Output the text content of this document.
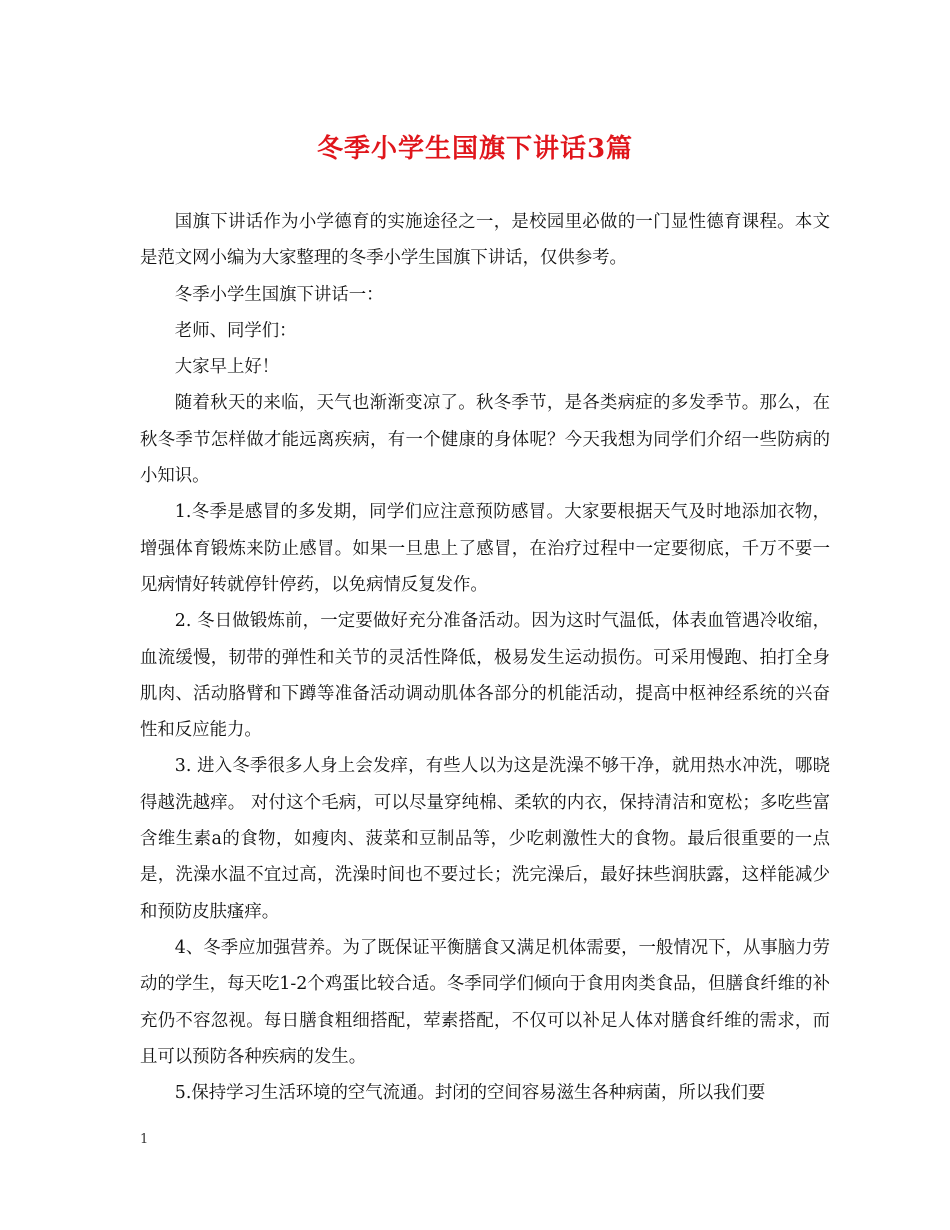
冬季小学生国旗下讲话3篇

国旗下讲话作为小学德育的实施途径之一，是校园里必做的一门显性德育课程。本文是范文网小编为大家整理的冬季小学生国旗下讲话，仅供参考。

冬季小学生国旗下讲话一：

老师、同学们：

大家早上好！

随着秋天的来临，天气也渐渐变凉了。秋冬季节，是各类病症的多发季节。那么，在秋冬季节怎样做才能远离疾病，有一个健康的身体呢？今天我想为同学们介绍一些防病的小知识。

1.冬季是感冒的多发期，同学们应注意预防感冒。大家要根据天气及时地添加衣物，增强体育锻炼来防止感冒。如果一旦患上了感冒，在治疗过程中一定要彻底，千万不要一见病情好转就停针停药，以免病情反复发作。

2. 冬日做锻炼前，一定要做好充分准备活动。因为这时气温低，体表血管遇冷收缩，血流缓慢，韧带的弹性和关节的灵活性降低，极易发生运动损伤。可采用慢跑、拍打全身肌肉、活动胳臂和下蹲等准备活动调动肌体各部分的机能活动，提高中枢神经系统的兴奋性和反应能力。

3. 进入冬季很多人身上会发痒，有些人以为这是洗澡不够干净，就用热水冲洗，哪晓得越洗越痒。 对付这个毛病，可以尽量穿纯棉、柔软的内衣，保持清洁和宽松；多吃些富含维生素a的食物，如瘦肉、菠菜和豆制品等，少吃刺激性大的食物。最后很重要的一点是，洗澡水温不宜过高，洗澡时间也不要过长；洗完澡后，最好抹些润肤露，这样能减少和预防皮肤瘙痒。

4、冬季应加强营养。为了既保证平衡膳食又满足机体需要，一般情况下，从事脑力劳动的学生，每天吃1-2个鸡蛋比较合适。冬季同学们倾向于食用肉类食品，但膳食纤维的补充仍不容忽视。每日膳食粗细搭配，荤素搭配，不仅可以补足人体对膳食纤维的需求，而且可以预防各种疾病的发生。

5.保持学习生活环境的空气流通。封闭的空间容易滋生各种病菌，所以我们要

1
